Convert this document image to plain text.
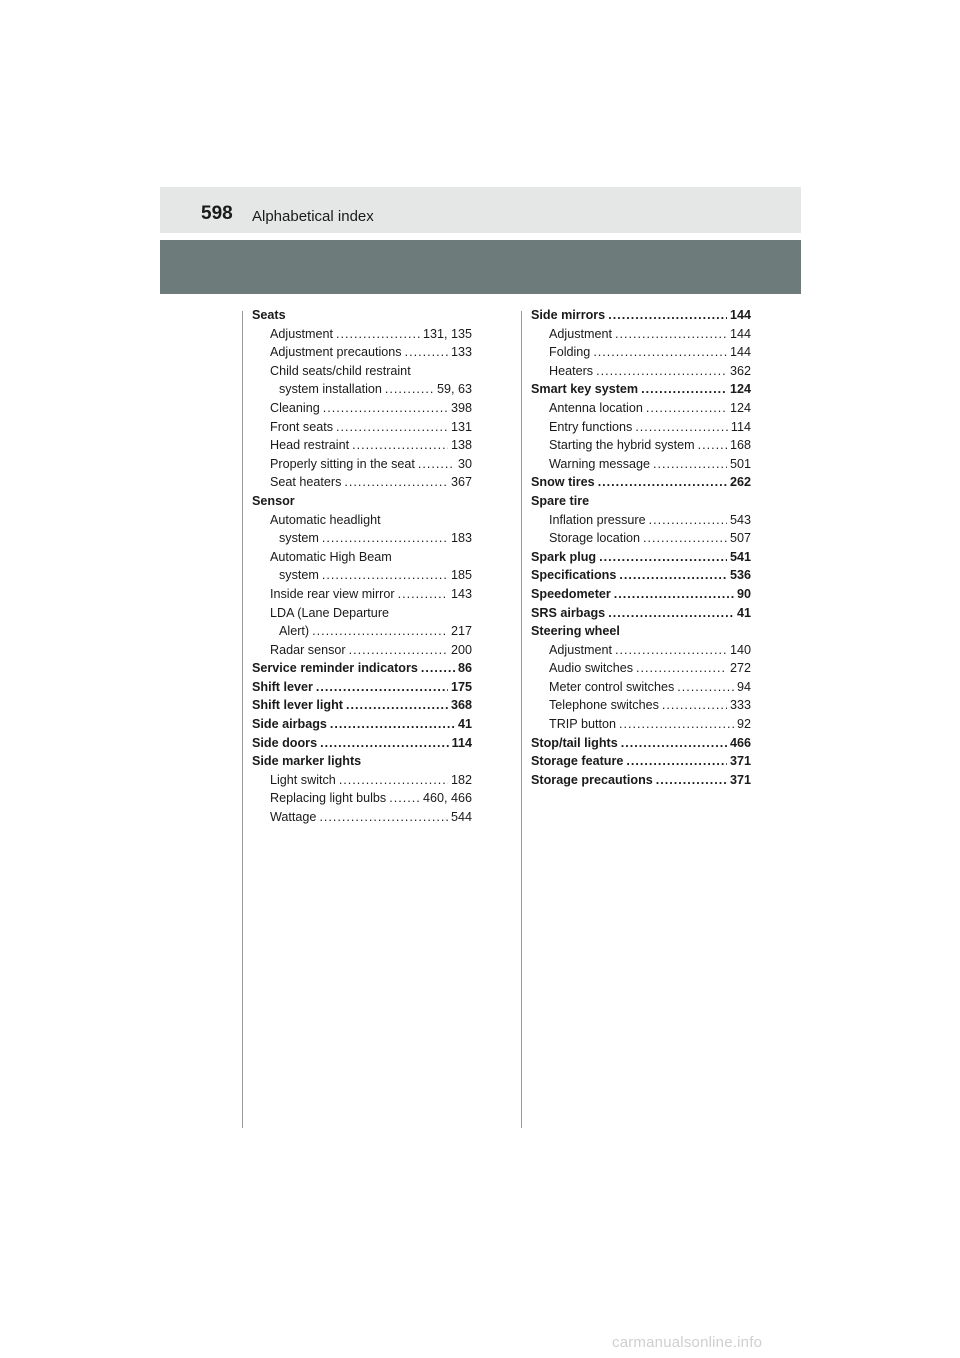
598 Alphabetical index
Seats
Adjustment .....	131, 135
Adjustment precautions .....	133
Child seats/child restraint
system installation .....	59, 63
Cleaning .....	398
Front seats .....	131
Head restraint .....	138
Properly sitting in the seat .....	30
Seat heaters .....	367
Sensor
Automatic headlight
system .....	183
Automatic High Beam
system .....	185
Inside rear view mirror .....	143
LDA (Lane Departure
Alert) .....	217
Radar sensor .....	200
Service reminder indicators .....	86
Shift lever .....	175
Shift lever light .....	368
Side airbags .....	41
Side doors .....	114
Side marker lights
Light switch .....	182
Replacing light bulbs .....	460, 466
Wattage .....	544
Side mirrors .....	144
Adjustment .....	144
Folding .....	144
Heaters .....	362
Smart key system .....	124
Antenna location .....	124
Entry functions .....	114
Starting the hybrid system .....	168
Warning message .....	501
Snow tires .....	262
Spare tire
Inflation pressure .....	543
Storage location .....	507
Spark plug .....	541
Specifications .....	536
Speedometer .....	90
SRS airbags .....	41
Steering wheel
Adjustment .....	140
Audio switches .....	272
Meter control switches .....	94
Telephone switches .....	333
TRIP button .....	92
Stop/tail lights .....	466
Storage feature .....	371
Storage precautions .....	371
carmanualsonline.info
